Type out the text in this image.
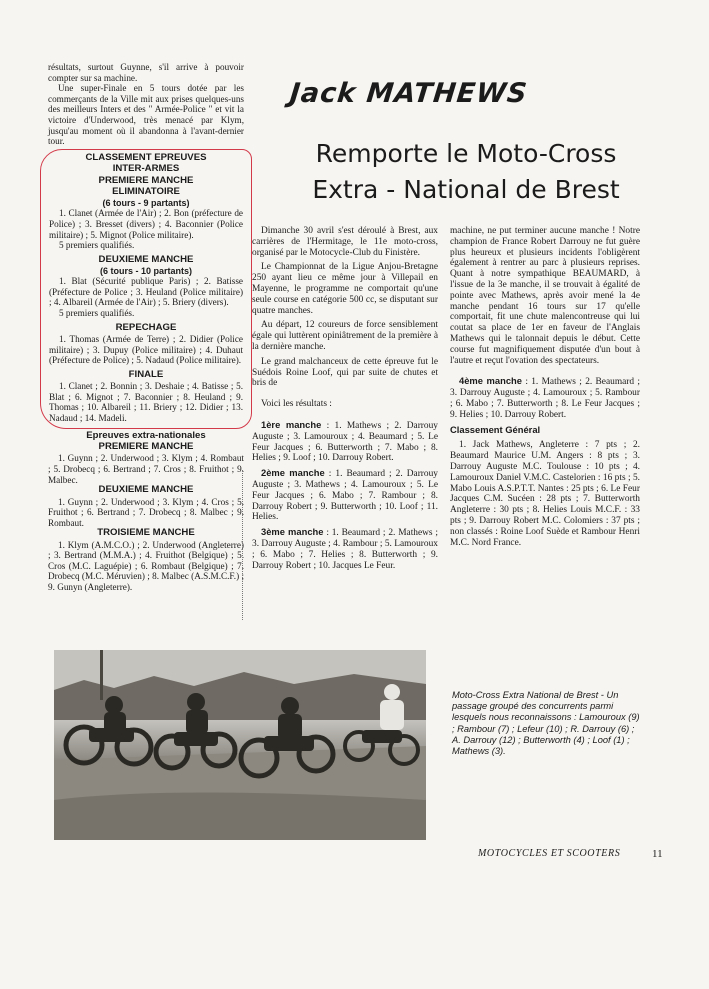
résultats, surtout Guynne, s'il arrive à pouvoir compter sur sa machine.

Une super-Finale en 5 tours dotée par les commerçants de la Ville mit aux prises quelques-uns des meilleurs Inters et des " Armée-Police " et vit la victoire d'Underwood, très menacé par Klym, jusqu'au moment où il abandonna à l'avant-dernier tour.

CLASSEMENT EPREUVES
INTER-ARMES
PREMIERE MANCHE
ELIMINATOIRE
(6 tours - 9 partants)

1. Clanet (Armée de l'Air) ; 2. Bon (préfecture de Police) ; 3. Bresset (divers) ; 4. Baconnier (Police militaire) ; 5. Mignot (Police militaire).

5 premiers qualifiés.

DEUXIEME MANCHE
(6 tours - 10 partants)

1. Blat (Sécurité publique Paris) ; 2. Batisse (Préfecture de Police ; 3. Heuland (Police militaire) ; 4. Albareil (Armée de l'Air) ; 5. Briery (divers).

5 premiers qualifiés.

REPECHAGE

1. Thomas (Armée de Terre) ; 2. Didier (Police militaire) ; 3. Dupuy (Police militaire) ; 4. Duhaut (Préfecture de Police) ; 5. Nadaud (Police militaire).

FINALE

1. Clanet ; 2. Bonnin ; 3. Deshaie ; 4. Batisse ; 5. Blat ; 6. Mignot ; 7. Baconnier ; 8. Heuland ; 9. Thomas ; 10. Albareil ; 11. Briery ; 12. Didier ; 13. Nadaud ; 14. Madeli.

Epreuves extra-nationales
PREMIERE MANCHE

1. Guynn ; 2. Underwood ; 3. Klym ; 4. Rombaut ; 5. Drobecq ; 6. Bertrand ; 7. Cros ; 8. Fruithot ; 9. Malbec.

DEUXIEME MANCHE

1. Guynn ; 2. Underwood ; 3. Klym ; 4. Cros ; 5. Fruithot ; 6. Bertrand ; 7. Drobecq ; 8. Malbec ; 9. Rombaut.

TROISIEME MANCHE

1. Klym (A.M.C.O.) ; 2. Underwood (Angleterre) ; 3. Bertrand (M.M.A.) ; 4. Fruithot (Belgique) ; 5. Cros (M.C. Laguépie) ; 6. Rombaut (Belgique) ; 7. Drobecq (M.C. Méruvien) ; 8. Malbec (A.S.M.C.F.) ; 9. Gunyn (Angleterre).

Jack MATHEWS
Remporte le Moto-Cross
Extra - National de Brest

Dimanche 30 avril s'est déroulé à Brest, aux carrières de l'Hermitage, le 11e moto-cross, organisé par le Motocycle-Club du Finistère.

Le Championnat de la Ligue Anjou-Bretagne 250 ayant lieu ce même jour à Villepail en Mayenne, le programme ne comportait qu'une seule course en catégorie 500 cc, se disputant sur quatre manches.

Au départ, 12 coureurs de force sensiblement égale qui luttèrent opiniâtrement de la première à la dernière manche.

Le grand malchanceux de cette épreuve fut le Suédois Roine Loof, qui par suite de chutes et bris de

Voici les résultats :

1ère manche : 1. Mathews ; 2. Darrouy Auguste ; 3. Lamouroux ; 4. Beaumard ; 5. Le Feur Jacques ; 6. Butterworth ; 7. Mabo ; 8. Helies ; 9. Loof ; 10. Darrouy Robert.

2ème manche : 1. Beaumard ; 2. Darrouy Auguste ; 3. Mathews ; 4. Lamouroux ; 5. Le Feur Jacques ; 6. Mabo ; 7. Rambour ; 8. Darrouy Robert ; 9. Butterworth ; 10. Loof ; 11. Helies.

3ème manche : 1. Beaumard ; 2. Mathews ; 3. Darrouy Auguste ; 4. Rambour ; 5. Lamouroux ; 6. Mabo ; 7. Helies ; 8. Butterworth ; 9. Darrouy Robert ; 10. Jacques Le Feur.

machine, ne put terminer aucune manche ! Notre champion de France Robert Darrouy ne fut guère plus heureux et plusieurs incidents l'obligèrent également à rentrer au parc à plusieurs reprises. Quant à notre sympathique BEAUMARD, à l'issue de la 3e manche, il se trouvait à égalité de pointe avec Mathews, après avoir mené la 4e manche pendant 16 tours sur 17 qu'elle comportait, fit une chute malencontreuse qui lui coutat sa place de 1er en faveur de l'Anglais Mathews qui le talonnait depuis le début. Cette course fut magnifiquement disputée d'un bout à l'autre et reçut l'ovation des spectateurs.

4ème manche : 1. Mathews ; 2. Beaumard ; 3. Darrouy Auguste ; 4. Lamouroux ; 5. Rambour ; 6. Mabo ; 7. Butterworth ; 8. Le Feur Jacques ; 9. Helies ; 10. Darrouy Robert.

Classement Général

1. Jack Mathews, Angleterre : 7 pts ; 2. Beaumard Maurice U.M. Angers : 8 pts ; 3. Darrouy Auguste M.C. Toulouse : 10 pts ; 4. Lamouroux Daniel V.M.C. Castelorien : 16 pts ; 5. Mabo Louis A.S.P.T.T. Nantes : 25 pts ; 6. Le Feur Jacques C.M. Sucéen : 28 pts ; 7. Butterworth Angleterre : 30 pts ; 8. Helies Louis M.C.F. : 33 pts ; 9. Darrouy Robert M.C. Colomiers : 37 pts ; non classés : Roine Loof Suède et Rambour Henri M.C. Nord France.

Moto-Cross Extra National de Brest - Un passage groupé des concurrents parmi lesquels nous reconnaissons : Lamouroux (9) ; Rambour (7) ; Lefeur (10) ; R. Darrouy (6) ; A. Darrouy (12) ; Butterworth (4) ; Loof (1) ; Mathews (3).
MOTOCYCLES ET SCOOTERS	11
